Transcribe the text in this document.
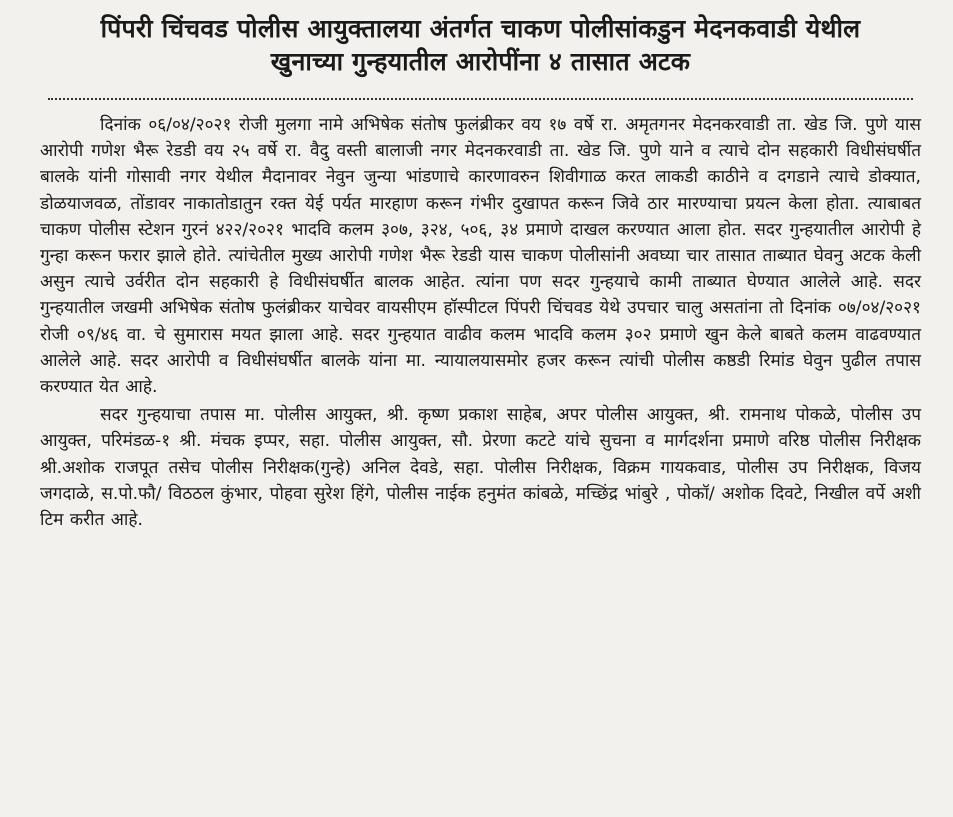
पिंपरी चिंचवड पोलीस आयुक्तालया अंतर्गत चाकण पोलीसांकडुन मेदनकवाडी येथील
खुनाच्या गुन्हयातील आरोपींना ४ तासात अटक

दिनांक ०६/०४/२०२१ रोजी मुलगा नामे अभिषेक संतोष फुलंब्रीकर वय १७ वर्षे रा. अमृतगनर मेदनकरवाडी ता. खेड जि. पुणे यास आरोपी गणेश भैरू रेडडी वय २५ वर्षे रा. वैदु वस्ती बालाजी नगर मेदनकरवाडी ता. खेड जि. पुणे याने व त्याचे दोन सहकारी विधीसंघर्षीत बालके यांनी गोसावी नगर येथील मैदानावर नेवुन जुन्या भांडणाचे कारणावरुन शिवीगाळ करत लाकडी काठीने व दगडाने त्याचे डोक्यात, डोळयाजवळ, तोंडावर नाकातोडातुन रक्त येई पर्यत मारहाण करून गंभीर दुखापत करून जिवे ठार मारण्याचा प्रयत्न केला होता. त्याबाबत चाकण पोलीस स्टेशन गुरनं ४२२/२०२१ भादवि कलम ३०७, ३२४, ५०६, ३४ प्रमाणे दाखल करण्यात आला होत. सदर गुन्हयातील आरोपी हे गुन्हा करून फरार झाले होते. त्यांचेतील मुख्य आरोपी गणेश भैरू रेडडी यास चाकण पोलीसांनी अवघ्या चार तासात ताब्यात घेवनु अटक केली असुन त्याचे उर्वरीत दोन सहकारी हे विधीसंघर्षीत बालक आहेत. त्यांना पण सदर गुन्हयाचे कामी ताब्यात घेण्यात आलेले आहे. सदर गुन्हयातील जखमी अभिषेक संतोष फुलंब्रीकर याचेवर वायसीएम हॉस्पीटल पिंपरी चिंचवड येथे उपचार चालु असतांना तो दिनांक ०७/०४/२०२१ रोजी ०९/४६ वा. चे सुमारास मयत झाला आहे. सदर गुन्हयात वाढीव कलम भादवि कलम ३०२ प्रमाणे खुन केले बाबते कलम वाढवण्यात आलेले आहे. सदर आरोपी व विधीसंघर्षीत बालके यांना मा. न्यायालयासमोर हजर करून त्यांची पोलीस कष्ठडी रिमांड घेवुन पुढील तपास करण्यात येत आहे.

सदर गुन्हयाचा तपास मा. पोलीस आयुक्त, श्री. कृष्ण प्रकाश साहेब, अपर पोलीस आयुक्त, श्री. रामनाथ पोकळे, पोलीस उप आयुक्त, परिमंडळ-१ श्री. मंचक इप्पर, सहा. पोलीस आयुक्त, सौ. प्रेरणा कटटे यांचे सुचना व मार्गदर्शना प्रमाणे वरिष्ठ पोलीस निरीक्षक श्री.अशोक राजपूत तसेच पोलीस निरीक्षक(गुन्हे) अनिल देवडे, सहा. पोलीस निरीक्षक, विक्रम गायकवाड, पोलीस उप निरीक्षक, विजय जगदाळे, स.पो.फौ/ विठठल कुंभार, पोहवा सुरेश हिंगे, पोलीस नाईक हनुमंत कांबळे, मच्छिंद्र भांबुरे , पोकॉ/ अशोक दिवटे, निखील वर्पे अशी टिम करीत आहे.
